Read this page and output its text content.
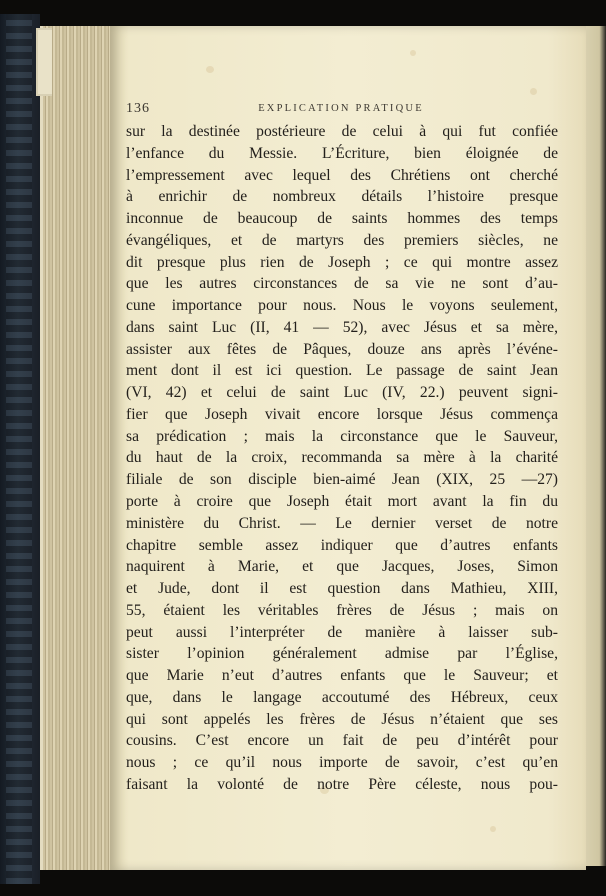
136	EXPLICATION PRATIQUE
sur la destinée postérieure de celui à qui fut confiée
l’enfance du Messie. L’Écriture, bien éloignée de
l’empressement avec lequel des Chrétiens ont cherché
à enrichir de nombreux détails l’histoire presque
inconnue de beaucoup de saints hommes des temps
évangéliques, et de martyrs des premiers siècles, ne
dit presque plus rien de Joseph ; ce qui montre assez
que les autres circonstances de sa vie ne sont d’au-
cune importance pour nous. Nous le voyons seulement,
dans saint Luc (II, 41 — 52), avec Jésus et sa mère,
assister aux fêtes de Pâques, douze ans après l’événe-
ment dont il est ici question. Le passage de saint Jean
(VI, 42) et celui de saint Luc (IV, 22.) peuvent signi-
fier que Joseph vivait encore lorsque Jésus commença
sa prédication ; mais la circonstance que le Sauveur,
du haut de la croix, recommanda sa mère à la charité
filiale de son disciple bien-aimé Jean (XIX, 25 —27)
porte à croire que Joseph était mort avant la fin du
ministère du Christ. — Le dernier verset de notre
chapitre semble assez indiquer que d’autres enfants
naquirent à Marie, et que Jacques, Joses, Simon
et Jude, dont il est question dans Mathieu, XIII,
55, étaient les véritables frères de Jésus ; mais on
peut aussi l’interpréter de manière à laisser sub-
sister l’opinion généralement admise par l’Église,
que Marie n’eut d’autres enfants que le Sauveur; et
que, dans le langage accoutumé des Hébreux, ceux
qui sont appelés les frères de Jésus n’étaient que ses
cousins. C’est encore un fait de peu d’intérêt pour
nous ; ce qu’il nous importe de savoir, c’est qu’en
faisant la volonté de notre Père céleste, nous pou-
